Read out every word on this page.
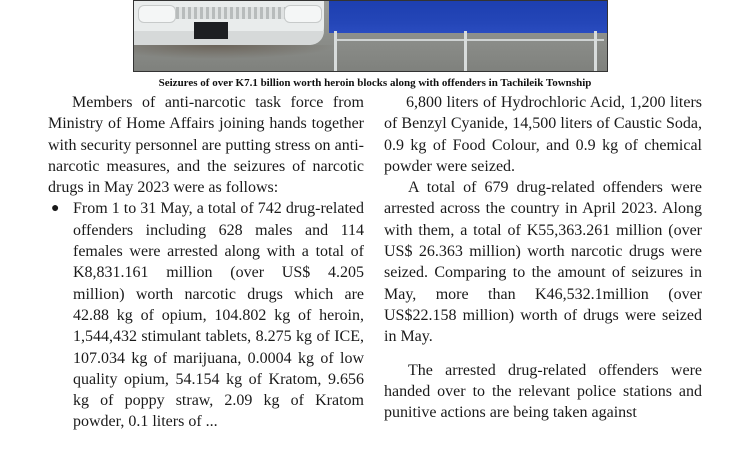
Seizures of over K7.1 billion worth heroin blocks along with offenders in Tachileik Township

Members of anti-narcotic task force from Ministry of Home Affairs joining hands together with security personnel are putting stress on anti-narcotic measures, and the seizures of narcotic drugs in May 2023 were as follows:

● From 1 to 31 May, a total of 742 drug-related offenders including 628 males and 114 females were arrested along with a total of K8,831.161 million (over US$ 4.205 million) worth narcotic drugs which are 42.88 kg of opium, 104.802 kg of heroin, 1,544,432 stimulant tablets, 8.275 kg of ICE, 107.034 kg of marijuana, 0.0004 kg of low quality opium, 54.154 kg of Kratom, 9.656 kg of poppy straw, 2.09 kg of Kratom powder, 0.1 liters of ...

6,800 liters of Hydrochloric Acid, 1,200 liters of Benzyl Cyanide, 14,500 liters of Caustic Soda, 0.9 kg of Food Colour, and 0.9 kg of chemical powder were seized.

A total of 679 drug-related offenders were arrested across the country in April 2023. Along with them, a total of K55,363.261 million (over US$ 26.363 million) worth narcotic drugs were seized. Comparing to the amount of seizures in May, more than K46,532.1million (over US$22.158 million) worth of drugs were seized in May.

The arrested drug-related offenders were handed over to the relevant police stations and punitive actions are being taken against
